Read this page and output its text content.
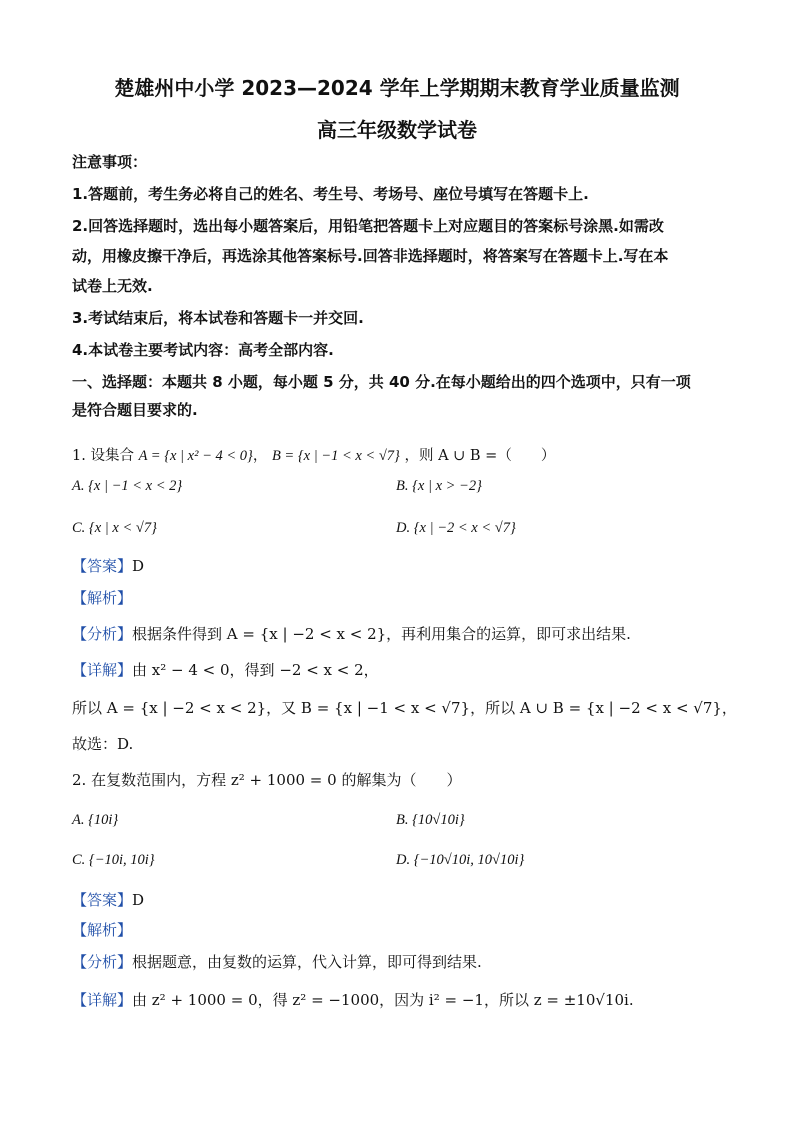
楚雄州中小学 2023—2024 学年上学期期末教育学业质量监测
高三年级数学试卷
注意事项：
1.答题前，考生务必将自己的姓名、考生号、考场号、座位号填写在答题卡上.
2.回答选择题时，选出每小题答案后，用铅笔把答题卡上对应题目的答案标号涂黑.如需改
动，用橡皮擦干净后，再选涂其他答案标号.回答非选择题时，将答案写在答题卡上.写在本
试卷上无效.
3.考试结束后，将本试卷和答题卡一并交回.
4.本试卷主要考试内容：高考全部内容.
一、选择题：本题共 8 小题，每小题 5 分，共 40 分.在每小题给出的四个选项中，只有一项
是符合题目要求的.
1. 设集合 A = {x | x² − 4 < 0}， B = {x | −1 < x < √7} ，则 A ∪ B =（　　）
A. {x | −1 < x < 2}	B. {x | x > −2}
C. {x | x < √7}	D. {x | −2 < x < √7}
【答案】D
【解析】
【分析】根据条件得到 A = {x | −2 < x < 2}，再利用集合的运算，即可求出结果.
【详解】由 x² − 4 < 0，得到 −2 < x < 2，
所以 A = {x | −2 < x < 2}，又 B = {x | −1 < x < √7}，所以 A ∪ B = {x | −2 < x < √7}，
故选：D.
2. 在复数范围内，方程 z² + 1000 = 0 的解集为（　　）
A. {10i}	B. {10√10i}
C. {−10i, 10i}	D. {−10√10i, 10√10i}
【答案】D
【解析】
【分析】根据题意，由复数的运算，代入计算，即可得到结果.
【详解】由 z² + 1000 = 0，得 z² = −1000，因为 i² = −1，所以 z = ±10√10i.
